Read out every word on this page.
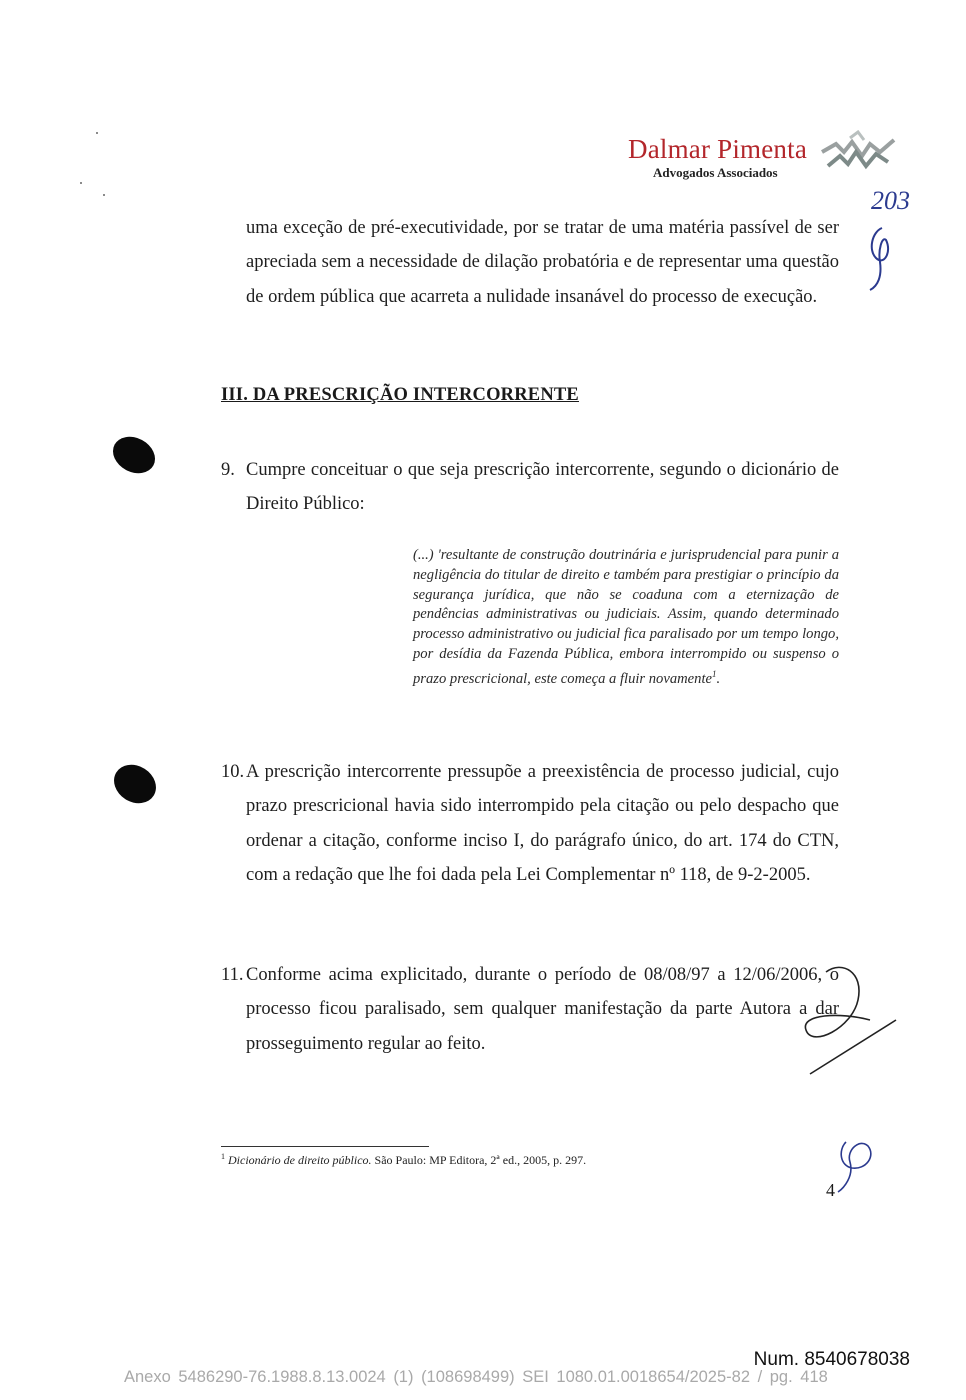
Dalmar Pimenta
Advogados Associados
203
4
uma exceção de pré-executividade, por se tratar de uma matéria passível de ser apreciada sem a necessidade de dilação probatória e de representar uma questão de ordem pública que acarreta a nulidade insanável do processo de execução.
III. DA PRESCRIÇÃO INTERCORRENTE
9. Cumpre conceituar o que seja prescrição intercorrente, segundo o dicionário de Direito Público:
(...) 'resultante de construção doutrinária e jurisprudencial para punir a negligência do titular de direito e também para prestigiar o princípio da segurança jurídica, que não se coaduna com a eternização de pendências administrativas ou judiciais. Assim, quando determinado processo administrativo ou judicial fica paralisado por um tempo longo, por desídia da Fazenda Pública, embora interrompido ou suspenso o prazo prescricional, este começa a fluir novamente$^1$.
10. A prescrição intercorrente pressupõe a preexistência de processo judicial, cujo prazo prescricional havia sido interrompido pela citação ou pelo despacho que ordenar a citação, conforme inciso I, do parágrafo único, do art. 174 do CTN, com a redação que lhe foi dada pela Lei Complementar nº 118, de 9-2-2005.
11. Conforme acima explicitado, durante o período de 08/08/97 a 12/06/2006, o processo ficou paralisado, sem qualquer manifestação da parte Autora a dar prosseguimento regular ao feito.
$^1$ Dicionário de direito público. São Paulo: MP Editora, 2ª ed., 2005, p. 297.
Num. 8540678038
Anexo 5486290-76.1988.8.13.0024 (1) (108698499) SEI 1080.01.0018654/2025-82 / pg. 418
